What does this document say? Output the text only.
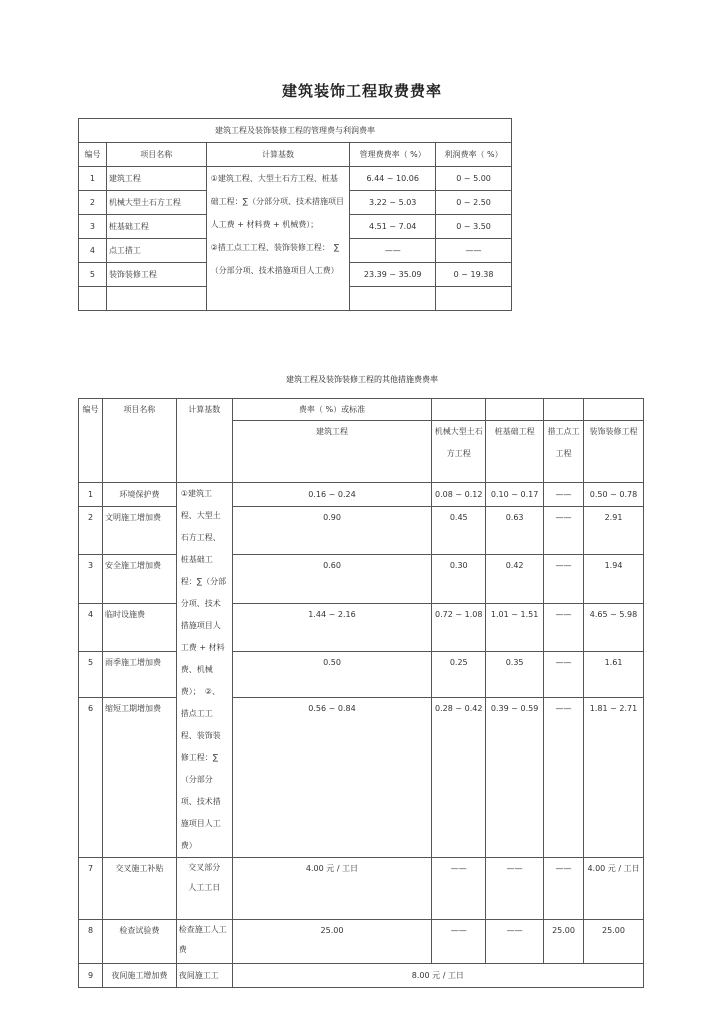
建筑装饰工程取费费率
建筑工程及装饰装修工程的管理费与利润费率				
编号	项目名称	计算基数	管理费费率（ %）	利润费率（ %）
1	建筑工程	①建筑工程、大型土石方工程、桩基础工程：∑（分部分项、技术措施项目人工费 + 材料费 + 机械费）；　　　　　②措工点工工程、装饰装修工程：　∑（分部分项、技术措施项目人工费）	6.44 ~ 10.06	0 ~ 5.00
2	机械大型土石方工程		3.22 ~ 5.03	0 ~ 2.50
3	桩基础工程		4.51 ~ 7.04	0 ~ 3.50
4	点工措工		——	——
5	装饰装修工程		23.39 ~ 35.09	0 ~ 19.38

建筑工程及装饰装修工程的其他措施费费率
编号	项目名称	计算基数	费率（ %）或标准				
			建筑工程	机械大型土石方工程	桩基础工程	措工点工工程	装饰装修工程
1	环境保护费	①建筑工程、大型土石方工程、桩基础工程：∑（分部分项、技术措施项目人工费 + 材料费、机械费）；　②、措点工工程、装饰装修工程：∑（分部分项、技术措施项目人工费）	0.16 ~ 0.24	0.08 ~ 0.12	0.10 ~ 0.17	——	0.50 ~ 0.78
2	文明施工增加费		0.90	0.45	0.63	——	2.91
3	安全施工增加费		0.60	0.30	0.42	——	1.94
4	临时设施费		1.44 ~ 2.16	0.72 ~ 1.08	1.01 ~ 1.51	——	4.65 ~ 5.98
5	雨季施工增加费		0.50	0.25	0.35	——	1.61
6	缩短工期增加费		0.56 ~ 0.84	0.28 ~ 0.42	0.39 ~ 0.59	——	1.81 ~ 2.71
7	交叉施工补贴	交叉部分　人工工日	4.00 元 / 工日	——	——	——	4.00 元 / 工日
8	检查试验费	检查施工人工费	25.00	——	——	25.00	25.00
9	夜间施工增加费	夜间施工工	8.00 元 / 工日				
